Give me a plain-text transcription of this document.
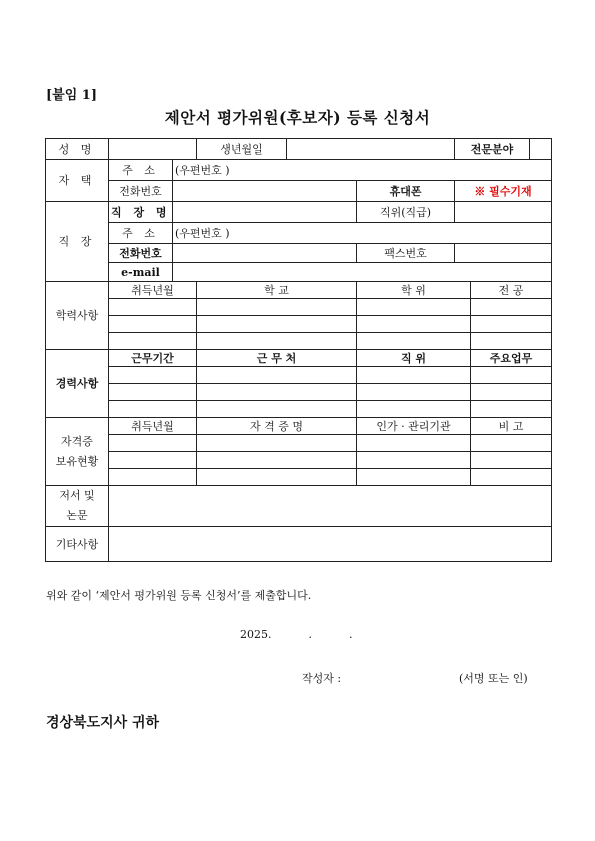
[붙임 1]
제안서 평가위원(후보자) 등록 신청서
성 명			생년월일			전문분야		
자 택	주 소	(우편번호 )						
	전화번호				휴대폰	※ 필수기재		
직 장	직 장 명				직위(직급)			
	주 소	(우편번호 )						
	전화번호				팩스번호			
	e-mail							
학력사항	취득년월		학 교		학 위		전 공	

경력사항	근무기간		근 무 처		직 위		주요업무	

자격증
보유현황	취득년월		자 격 증 명		인가 · 관리기관		비 고	

저서 및
논문								
기타사항								
위와 같이 ‘제안서 평가위원 등록 신청서’를 제출합니다.
2025.	.	.
작성자 :	(서명 또는 인)
경상북도지사 귀하
